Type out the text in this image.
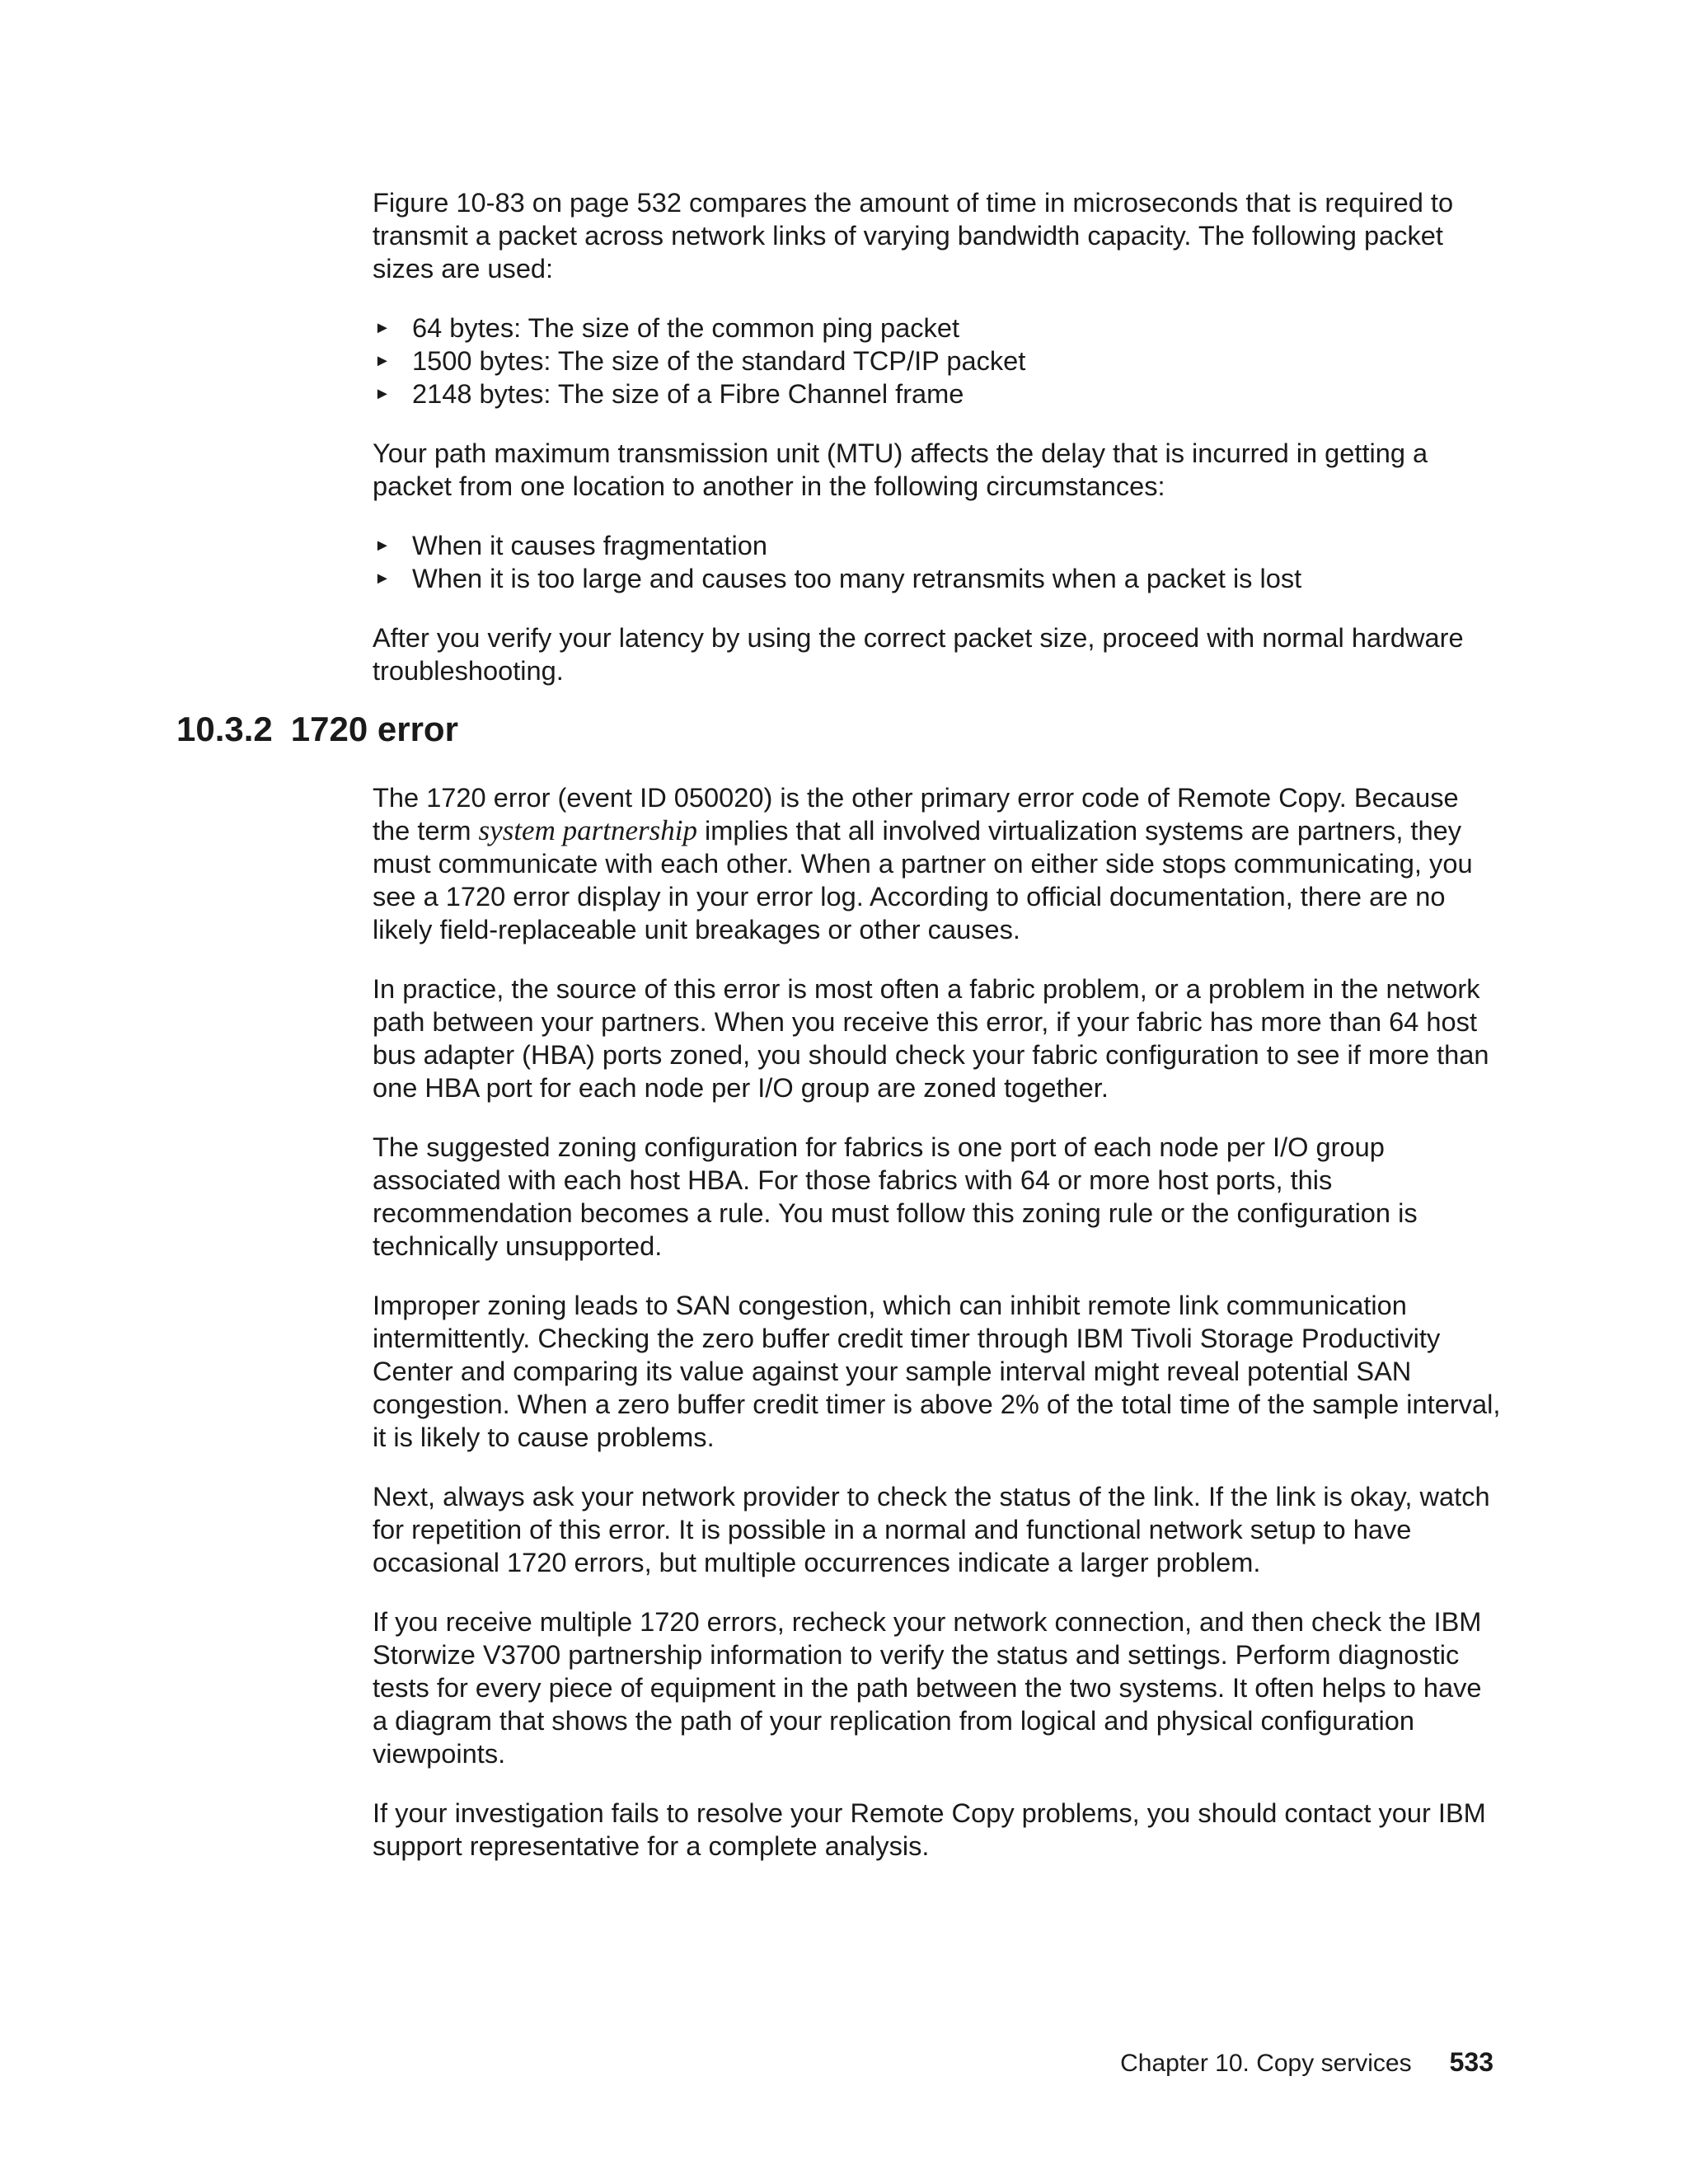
Figure 10-83 on page 532 compares the amount of time in microseconds that is required to transmit a packet across network links of varying bandwidth capacity. The following packet sizes are used:

► 64 bytes: The size of the common ping packet
► 1500 bytes: The size of the standard TCP/IP packet
► 2148 bytes: The size of a Fibre Channel frame

Your path maximum transmission unit (MTU) affects the delay that is incurred in getting a packet from one location to another in the following circumstances:

► When it causes fragmentation
► When it is too large and causes too many retransmits when a packet is lost

After you verify your latency by using the correct packet size, proceed with normal hardware troubleshooting.

10.3.2 1720 error

The 1720 error (event ID 050020) is the other primary error code of Remote Copy. Because the term system partnership implies that all involved virtualization systems are partners, they must communicate with each other. When a partner on either side stops communicating, you see a 1720 error display in your error log. According to official documentation, there are no likely field-replaceable unit breakages or other causes.

In practice, the source of this error is most often a fabric problem, or a problem in the network path between your partners. When you receive this error, if your fabric has more than 64 host bus adapter (HBA) ports zoned, you should check your fabric configuration to see if more than one HBA port for each node per I/O group are zoned together.

The suggested zoning configuration for fabrics is one port of each node per I/O group associated with each host HBA. For those fabrics with 64 or more host ports, this recommendation becomes a rule. You must follow this zoning rule or the configuration is technically unsupported.

Improper zoning leads to SAN congestion, which can inhibit remote link communication intermittently. Checking the zero buffer credit timer through IBM Tivoli Storage Productivity Center and comparing its value against your sample interval might reveal potential SAN congestion. When a zero buffer credit timer is above 2% of the total time of the sample interval, it is likely to cause problems.

Next, always ask your network provider to check the status of the link. If the link is okay, watch for repetition of this error. It is possible in a normal and functional network setup to have occasional 1720 errors, but multiple occurrences indicate a larger problem.

If you receive multiple 1720 errors, recheck your network connection, and then check the IBM Storwize V3700 partnership information to verify the status and settings. Perform diagnostic tests for every piece of equipment in the path between the two systems. It often helps to have a diagram that shows the path of your replication from logical and physical configuration viewpoints.

If your investigation fails to resolve your Remote Copy problems, you should contact your IBM support representative for a complete analysis.

Chapter 10. Copy services 533
